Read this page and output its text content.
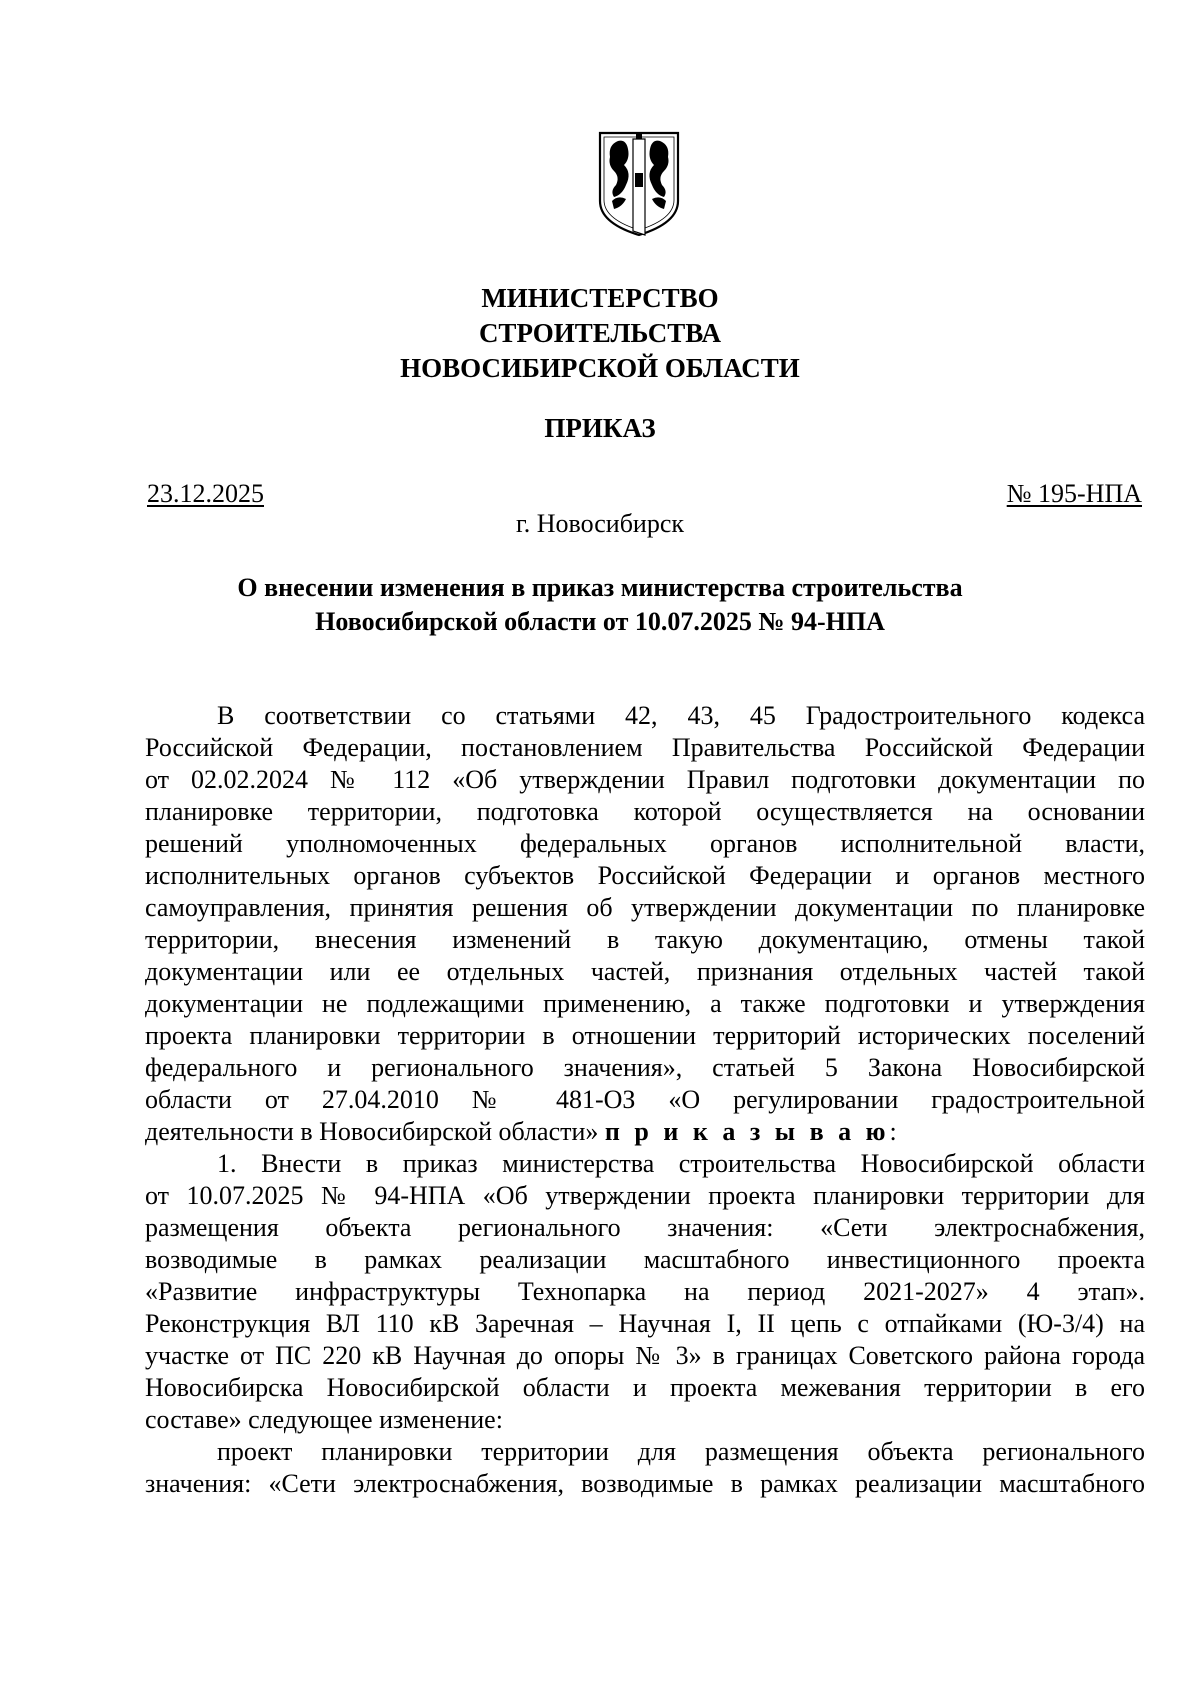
МИНИСТЕРСТВО
СТРОИТЕЛЬСТВА
НОВОСИБИРСКОЙ ОБЛАСТИ
ПРИКАЗ
23.12.2025	№ 195-НПА
г. Новосибирск
О внесении изменения в приказ министерства строительства
Новосибирской области от 10.07.2025 № 94-НПА
В соответствии со статьями 42, 43, 45 Градостроительного кодекса
Российской Федерации, постановлением Правительства Российской Федерации
от 02.02.2024 № 112 «Об утверждении Правил подготовки документации по
планировке территории, подготовка которой осуществляется на основании
решений уполномоченных федеральных органов исполнительной власти,
исполнительных органов субъектов Российской Федерации и органов местного
самоуправления, принятия решения об утверждении документации по планировке
территории, внесения изменений в такую документацию, отмены такой
документации или ее отдельных частей, признания отдельных частей такой
документации не подлежащими применению, а также подготовки и утверждения
проекта планировки территории в отношении территорий исторических поселений
федерального и регионального значения», статьей 5 Закона Новосибирской
области от 27.04.2010 № 481-ОЗ «О регулировании градостроительной
деятельности в Новосибирской области» п р и к а з ы в а ю:
1. Внести в приказ министерства строительства Новосибирской области
от 10.07.2025 № 94-НПА «Об утверждении проекта планировки территории для
размещения объекта регионального значения: «Сети электроснабжения,
возводимые в рамках реализации масштабного инвестиционного проекта
«Развитие инфраструктуры Технопарка на период 2021-2027» 4 этап».
Реконструкция ВЛ 110 кВ Заречная – Научная I, II цепь с отпайками (Ю-3/4) на
участке от ПС 220 кВ Научная до опоры № 3» в границах Советского района города
Новосибирска Новосибирской области и проекта межевания территории в его
составе» следующее изменение:
проект планировки территории для размещения объекта регионального
значения: «Сети электроснабжения, возводимые в рамках реализации масштабного
